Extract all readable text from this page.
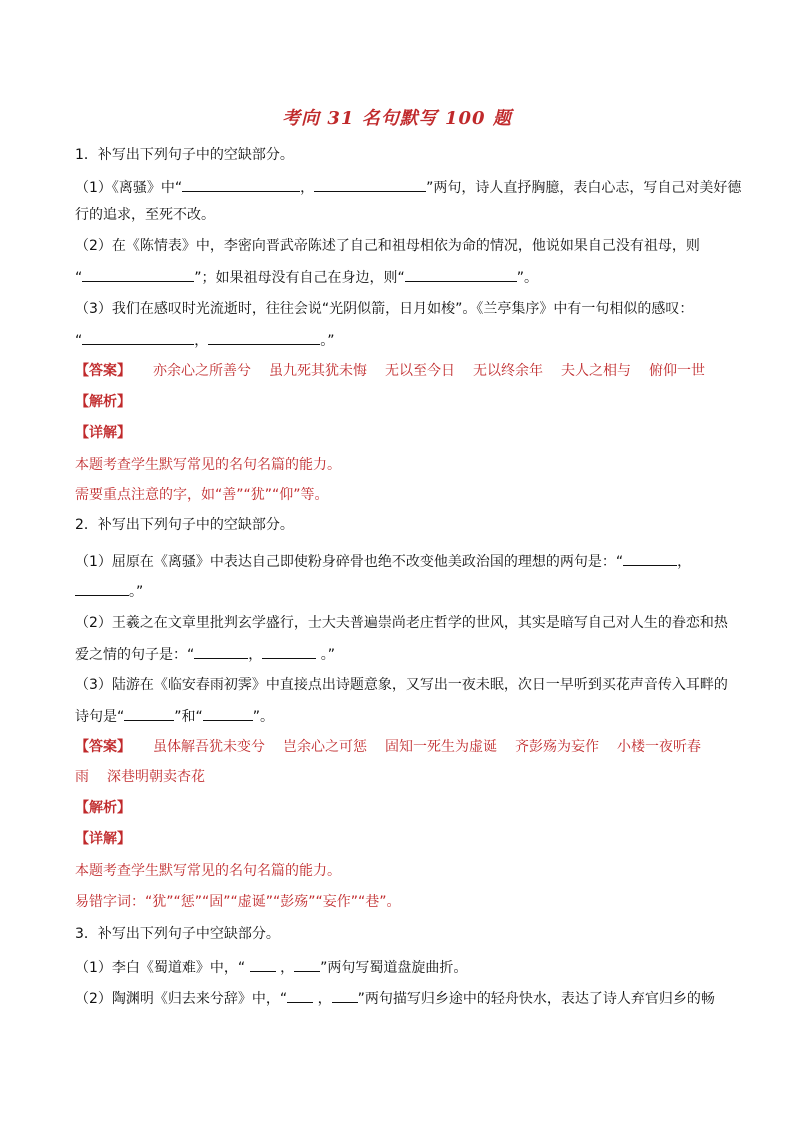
考向 31 名句默写 100 题
1．补写出下列句子中的空缺部分。
（1）《离骚》中“	，	”两句，诗人直抒胸臆，表白心志，写自己对美好德
行的追求，至死不改。
（2）在《陈情表》中，李密向晋武帝陈述了自己和祖母相依为命的情况，他说如果自己没有祖母，则
“	”；如果祖母没有自己在身边，则“	”。
（3）我们在感叹时光流逝时，往往会说“光阴似箭，日月如梭”。《兰亭集序》中有一句相似的感叹：
“	，	。”
【答案】 亦余心之所善兮 虽九死其犹未悔 无以至今日 无以终余年 夫人之相与 俯仰一世
【解析】
【详解】
本题考查学生默写常见的名句名篇的能力。
需要重点注意的字，如“善”“犹”“仰”等。
2．补写出下列句子中的空缺部分。
（1）屈原在《离骚》中表达自己即使粉身碎骨也绝不改变他美政治国的理想的两句是：“	，
。”
（2）王羲之在文章里批判玄学盛行，士大夫普遍崇尚老庄哲学的世风，其实是暗写自己对人生的眷恋和热
爱之情的句子是：“	，	。”
（3）陆游在《临安春雨初霁》中直接点出诗题意象，又写出一夜未眠，次日一早听到买花声音传入耳畔的
诗句是“	”和“	”。
【答案】 虽体解吾犹未变兮 岂余心之可惩 固知一死生为虚诞 齐彭殇为妄作 小楼一夜听春
雨 深巷明朝卖杏花
【解析】
【详解】
本题考查学生默写常见的名句名篇的能力。
易错字词：“犹”“惩”“固”“虚诞”“彭殇”“妄作”“巷”。
3．补写出下列句子中空缺部分。
（1）李白《蜀道难》中，“  ， ”两句写蜀道盘旋曲折。
（2）陶渊明《归去来兮辞》中，“ ， ”两句描写归乡途中的轻舟快水，表达了诗人弃官归乡的畅
